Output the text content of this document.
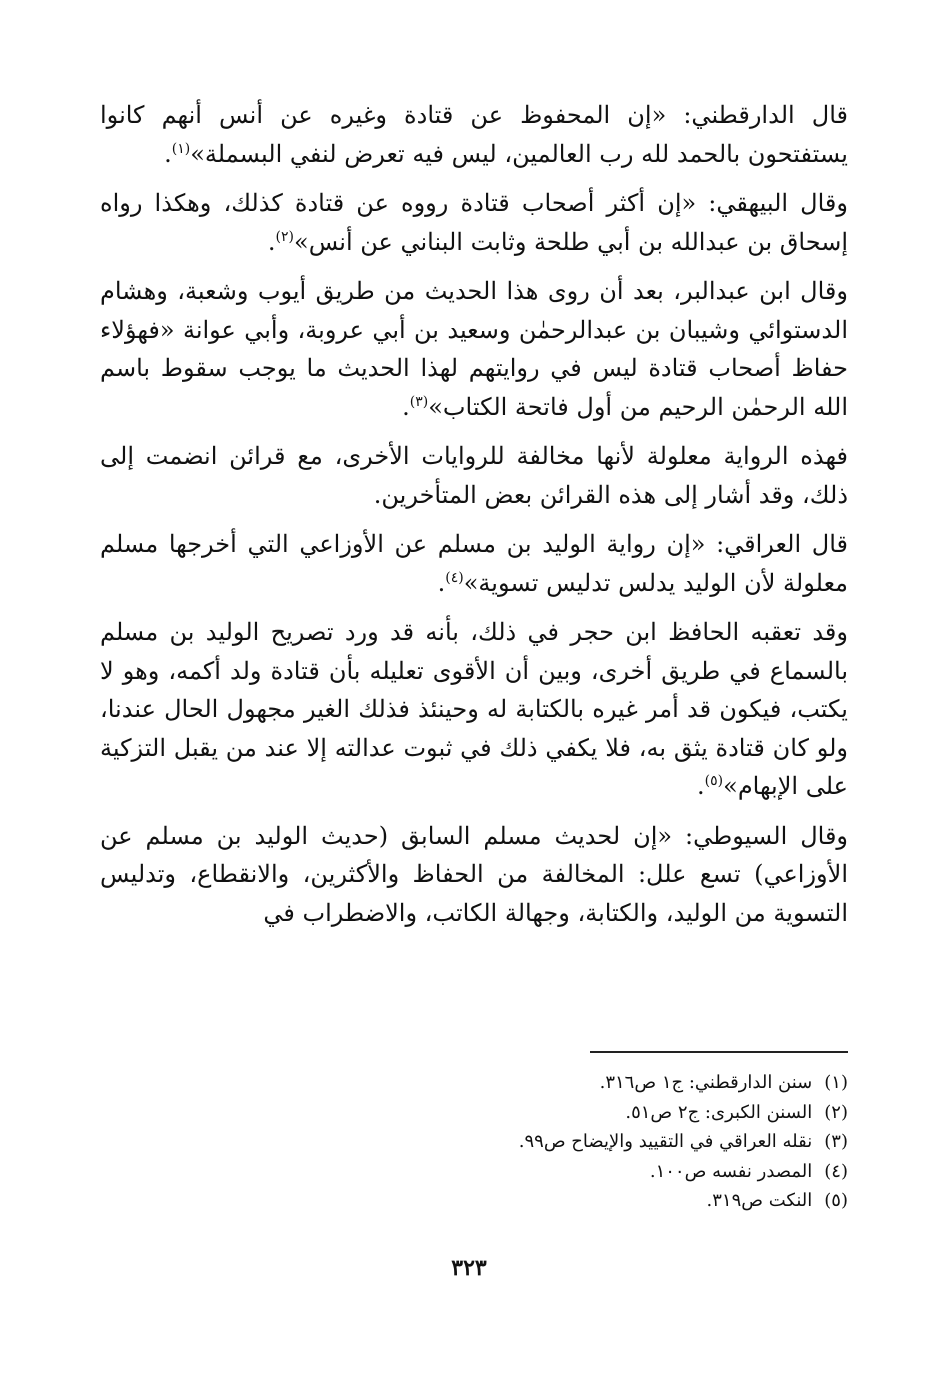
قال الدارقطني: «إن المحفوظ عن قتادة وغيره عن أنس أنهم كانوا يستفتحون بالحمد لله رب العالمين، ليس فيه تعرض لنفي البسملة»$^{(١)}$.

وقال البيهقي: «إن أكثر أصحاب قتادة رووه عن قتادة كذلك، وهكذا رواه إسحاق بن عبدالله بن أبي طلحة وثابت البناني عن أنس»$^{(٢)}$.

وقال ابن عبدالبر، بعد أن روى هذا الحديث من طريق أيوب وشعبة، وهشام الدستوائي وشيبان بن عبدالرحمٰن وسعيد بن أبي عروبة، وأبي عوانة «فهؤلاء حفاظ أصحاب قتادة ليس في روايتهم لهذا الحديث ما يوجب سقوط باسم الله الرحمٰن الرحيم من أول فاتحة الكتاب»$^{(٣)}$.

فهذه الرواية معلولة لأنها مخالفة للروايات الأخرى، مع قرائن انضمت إلى ذلك، وقد أشار إلى هذه القرائن بعض المتأخرين.

قال العراقي: «إن رواية الوليد بن مسلم عن الأوزاعي التي أخرجها مسلم معلولة لأن الوليد يدلس تدليس تسوية»$^{(٤)}$.

وقد تعقبه الحافظ ابن حجر في ذلك، بأنه قد ورد تصريح الوليد بن مسلم بالسماع في طريق أخرى، وبين أن الأقوى تعليله بأن قتادة ولد أكمه، وهو لا يكتب، فيكون قد أمر غيره بالكتابة له وحينئذ فذلك الغير مجهول الحال عندنا، ولو كان قتادة يثق به، فلا يكفي ذلك في ثبوت عدالته إلا عند من يقبل التزكية على الإبهام»$^{(٥)}$.

وقال السيوطي: «إن لحديث مسلم السابق (حديث الوليد بن مسلم عن الأوزاعي) تسع علل: المخالفة من الحفاظ والأكثرين، والانقطاع، وتدليس التسوية من الوليد، والكتابة، وجهالة الكاتب، والاضطراب في

(١)سنن الدارقطني: ج١ ص٣١٦.

(٢)السنن الكبرى: ج٢ ص٥١.

(٣)نقله العراقي في التقييد والإيضاح ص٩٩.

(٤)المصدر نفسه ص١٠٠.

(٥)النكت ص٣١٩.

٣٢٣
